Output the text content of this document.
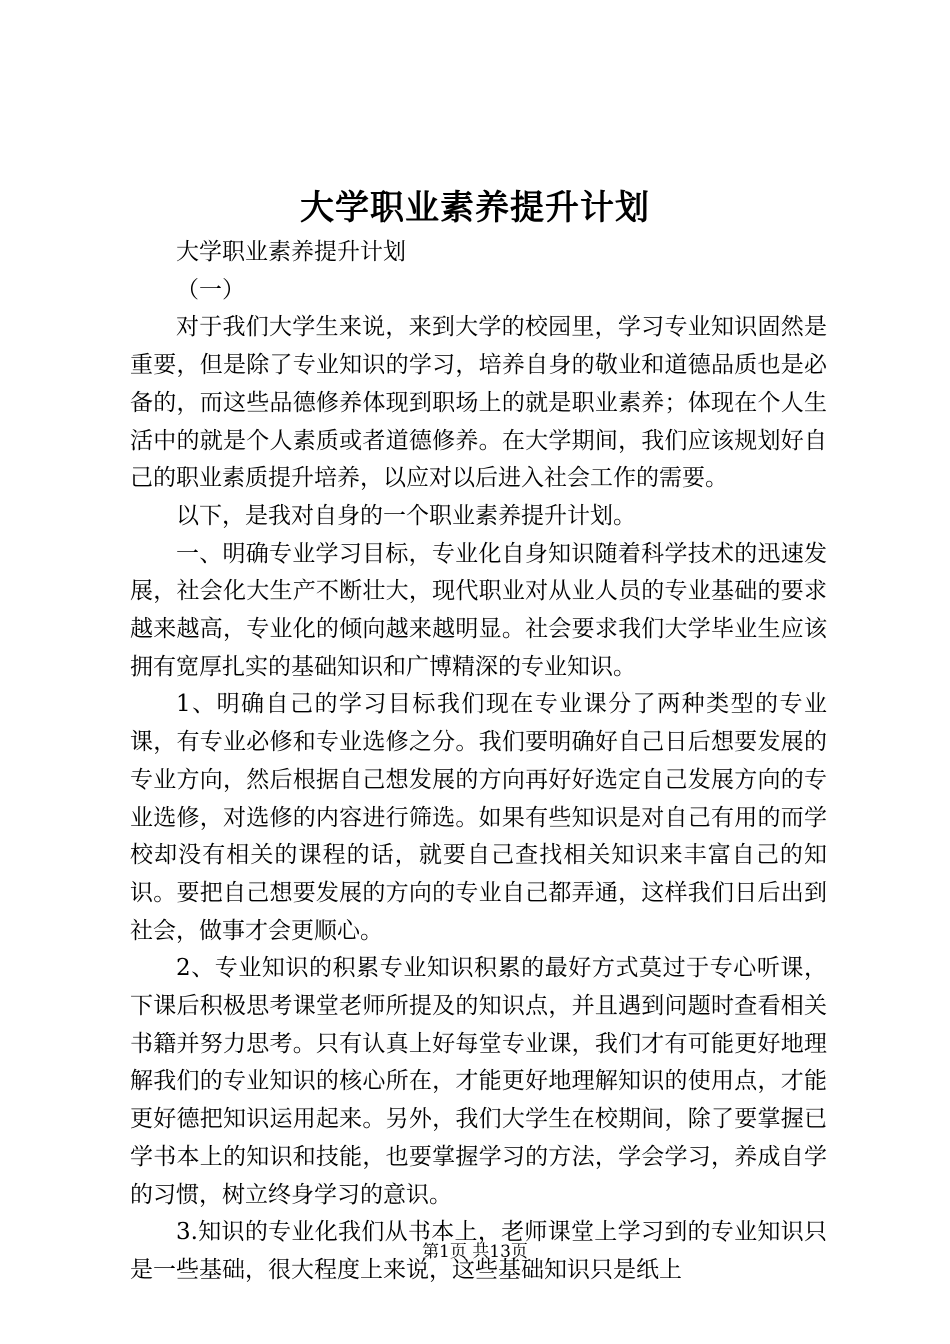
大学职业素养提升计划

大学职业素养提升计划

（一）

对于我们大学生来说，来到大学的校园里，学习专业知识固然是重要，但是除了专业知识的学习，培养自身的敬业和道德品质也是必备的，而这些品德修养体现到职场上的就是职业素养；体现在个人生活中的就是个人素质或者道德修养。在大学期间，我们应该规划好自己的职业素质提升培养，以应对以后进入社会工作的需要。

以下，是我对自身的一个职业素养提升计划。

一、明确专业学习目标，专业化自身知识随着科学技术的迅速发展，社会化大生产不断壮大，现代职业对从业人员的专业基础的要求越来越高，专业化的倾向越来越明显。社会要求我们大学毕业生应该拥有宽厚扎实的基础知识和广博精深的专业知识。

1、明确自己的学习目标我们现在专业课分了两种类型的专业课，有专业必修和专业选修之分。我们要明确好自己日后想要发展的专业方向，然后根据自己想发展的方向再好好选定自己发展方向的专业选修，对选修的内容进行筛选。如果有些知识是对自己有用的而学校却没有相关的课程的话，就要自己查找相关知识来丰富自己的知识。要把自己想要发展的方向的专业自己都弄通，这样我们日后出到社会，做事才会更顺心。

2、专业知识的积累专业知识积累的最好方式莫过于专心听课，下课后积极思考课堂老师所提及的知识点，并且遇到问题时查看相关书籍并努力思考。只有认真上好每堂专业课，我们才有可能更好地理解我们的专业知识的核心所在，才能更好地理解知识的使用点，才能更好德把知识运用起来。另外，我们大学生在校期间，除了要掌握已学书本上的知识和技能，也要掌握学习的方法，学会学习，养成自学的习惯，树立终身学习的意识。

3.知识的专业化我们从书本上，老师课堂上学习到的专业知识只是一些基础，很大程度上来说，这些基础知识只是纸上

第1页 共13页
